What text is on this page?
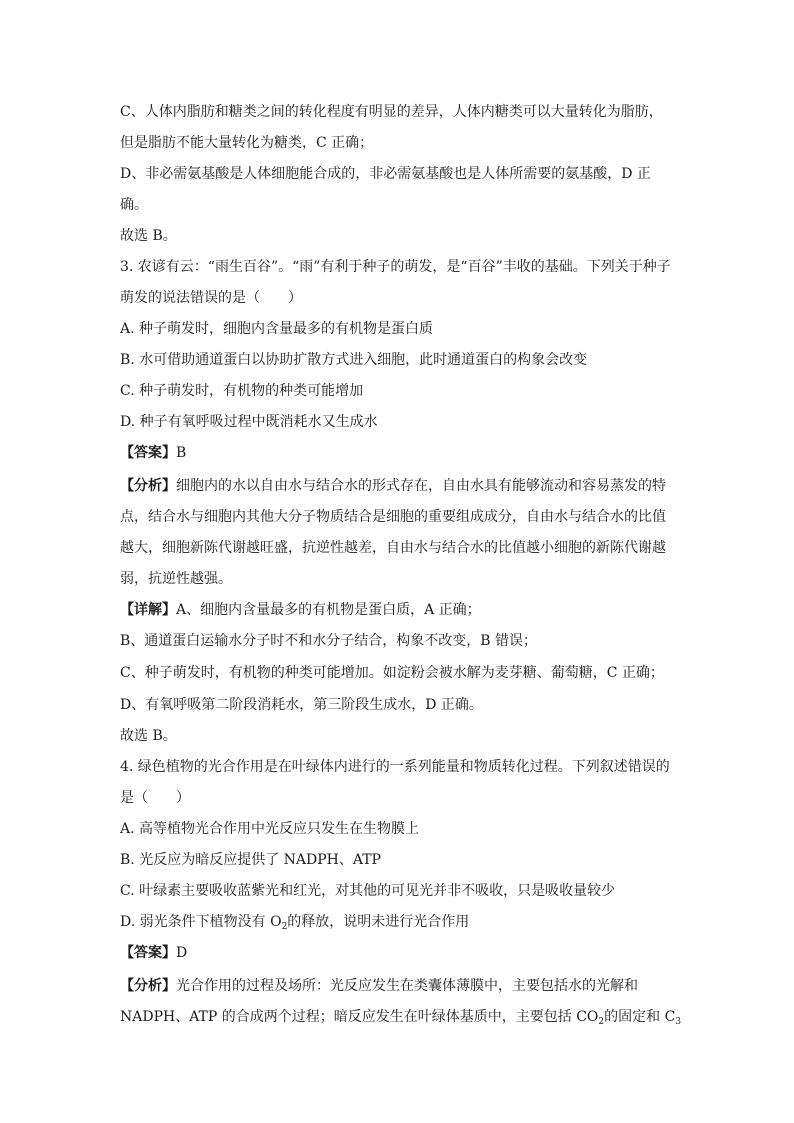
C、人体内脂肪和糖类之间的转化程度有明显的差异，人体内糖类可以大量转化为脂肪，
但是脂肪不能大量转化为糖类，C 正确；
D、非必需氨基酸是人体细胞能合成的，非必需氨基酸也是人体所需要的氨基酸，D 正
确。
故选 B。
3. 农谚有云：“雨生百谷”。“雨”有利于种子的萌发，是“百谷”丰收的基础。下列关于种子
萌发的说法错误的是（　　）
A. 种子萌发时，细胞内含量最多的有机物是蛋白质
B. 水可借助通道蛋白以协助扩散方式进入细胞，此时通道蛋白的构象会改变
C. 种子萌发时，有机物的种类可能增加
D. 种子有氧呼吸过程中既消耗水又生成水
【答案】B
【分析】细胞内的水以自由水与结合水的形式存在，自由水具有能够流动和容易蒸发的特
点，结合水与细胞内其他大分子物质结合是细胞的重要组成成分，自由水与结合水的比值
越大，细胞新陈代谢越旺盛，抗逆性越差，自由水与结合水的比值越小细胞的新陈代谢越
弱，抗逆性越强。
【详解】A、细胞内含量最多的有机物是蛋白质，A 正确；
B、通道蛋白运输水分子时不和水分子结合，构象不改变，B 错误；
C、种子萌发时，有机物的种类可能增加。如淀粉会被水解为麦芽糖、葡萄糖，C 正确；
D、有氧呼吸第二阶段消耗水，第三阶段生成水，D 正确。
故选 B。
4. 绿色植物的光合作用是在叶绿体内进行的一系列能量和物质转化过程。下列叙述错误的
是（　　）
A. 高等植物光合作用中光反应只发生在生物膜上
B. 光反应为暗反应提供了 NADPH、ATP
C. 叶绿素主要吸收蓝紫光和红光，对其他的可见光并非不吸收，只是吸收量较少
D. 弱光条件下植物没有 $O_2$的释放，说明未进行光合作用
【答案】D
【分析】光合作用的过程及场所：光反应发生在类囊体薄膜中，主要包括水的光解和
NADPH、ATP 的合成两个过程；暗反应发生在叶绿体基质中，主要包括 $CO_2$的固定和 $C_3$
